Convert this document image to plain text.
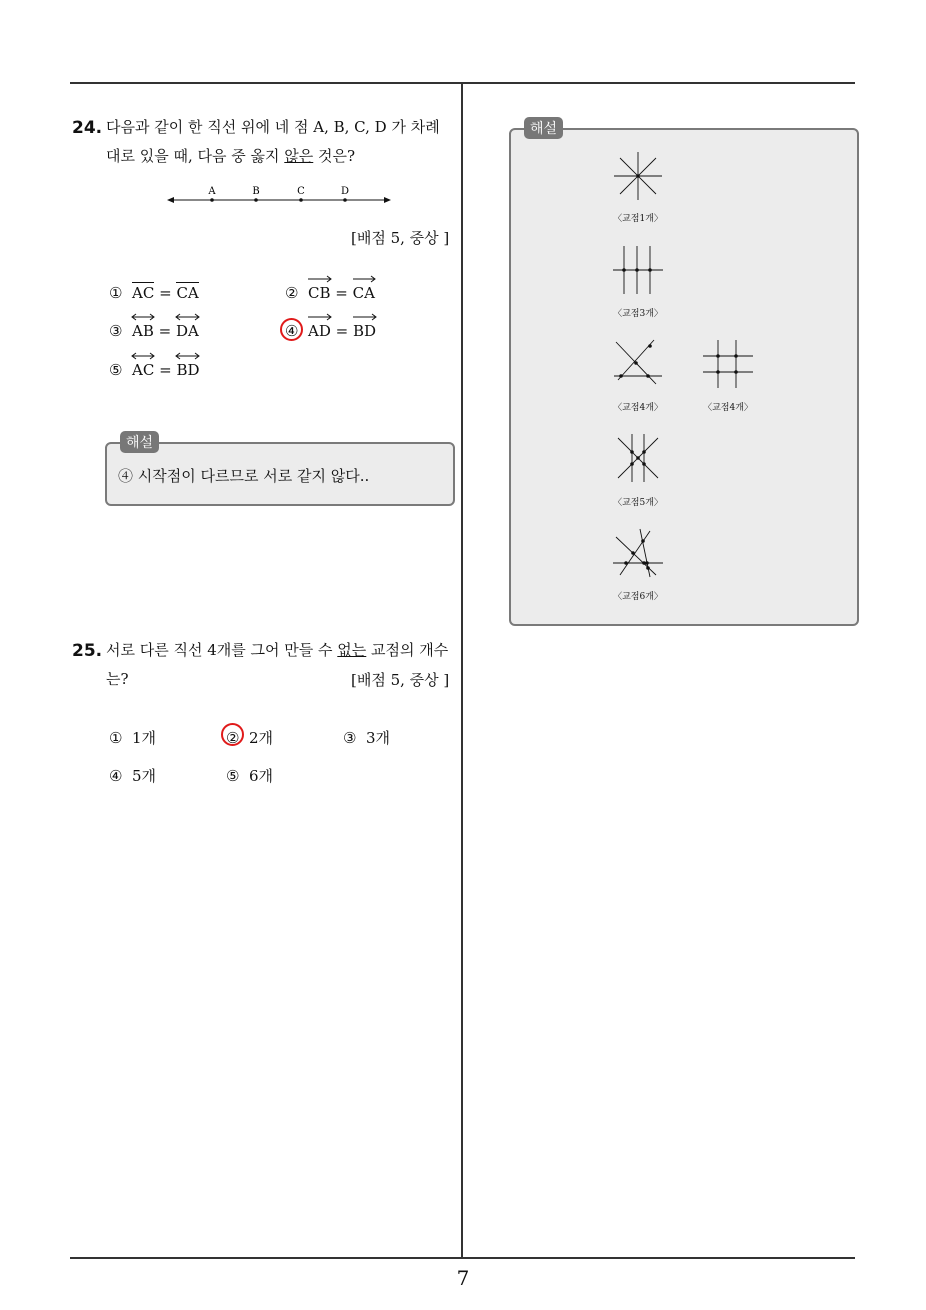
24. 다음과 같이 한 직선 위에 네 점 A, B, C, D 가 차례
대로 있을 때, 다음 중 옳지 않은 것은?
A	B	C	D
[배점 5, 중상 ]
① AC = CA	② CB = CA
③ AB = DA	④ AD = BD
⑤ AC = BD
해설
④ 시작점이 다르므로 서로 같지 않다..
25. 서로 다른 직선 4개를 그어 만들 수 없는 교점의 개수
는?	[배점 5, 중상 ]
① 1개	② 2개	③ 3개
④ 5개	⑤ 6개
해설
〈교점1개〉
〈교점3개〉
〈교점4개〉	〈교점4개〉
〈교점5개〉
〈교점6개〉
7
